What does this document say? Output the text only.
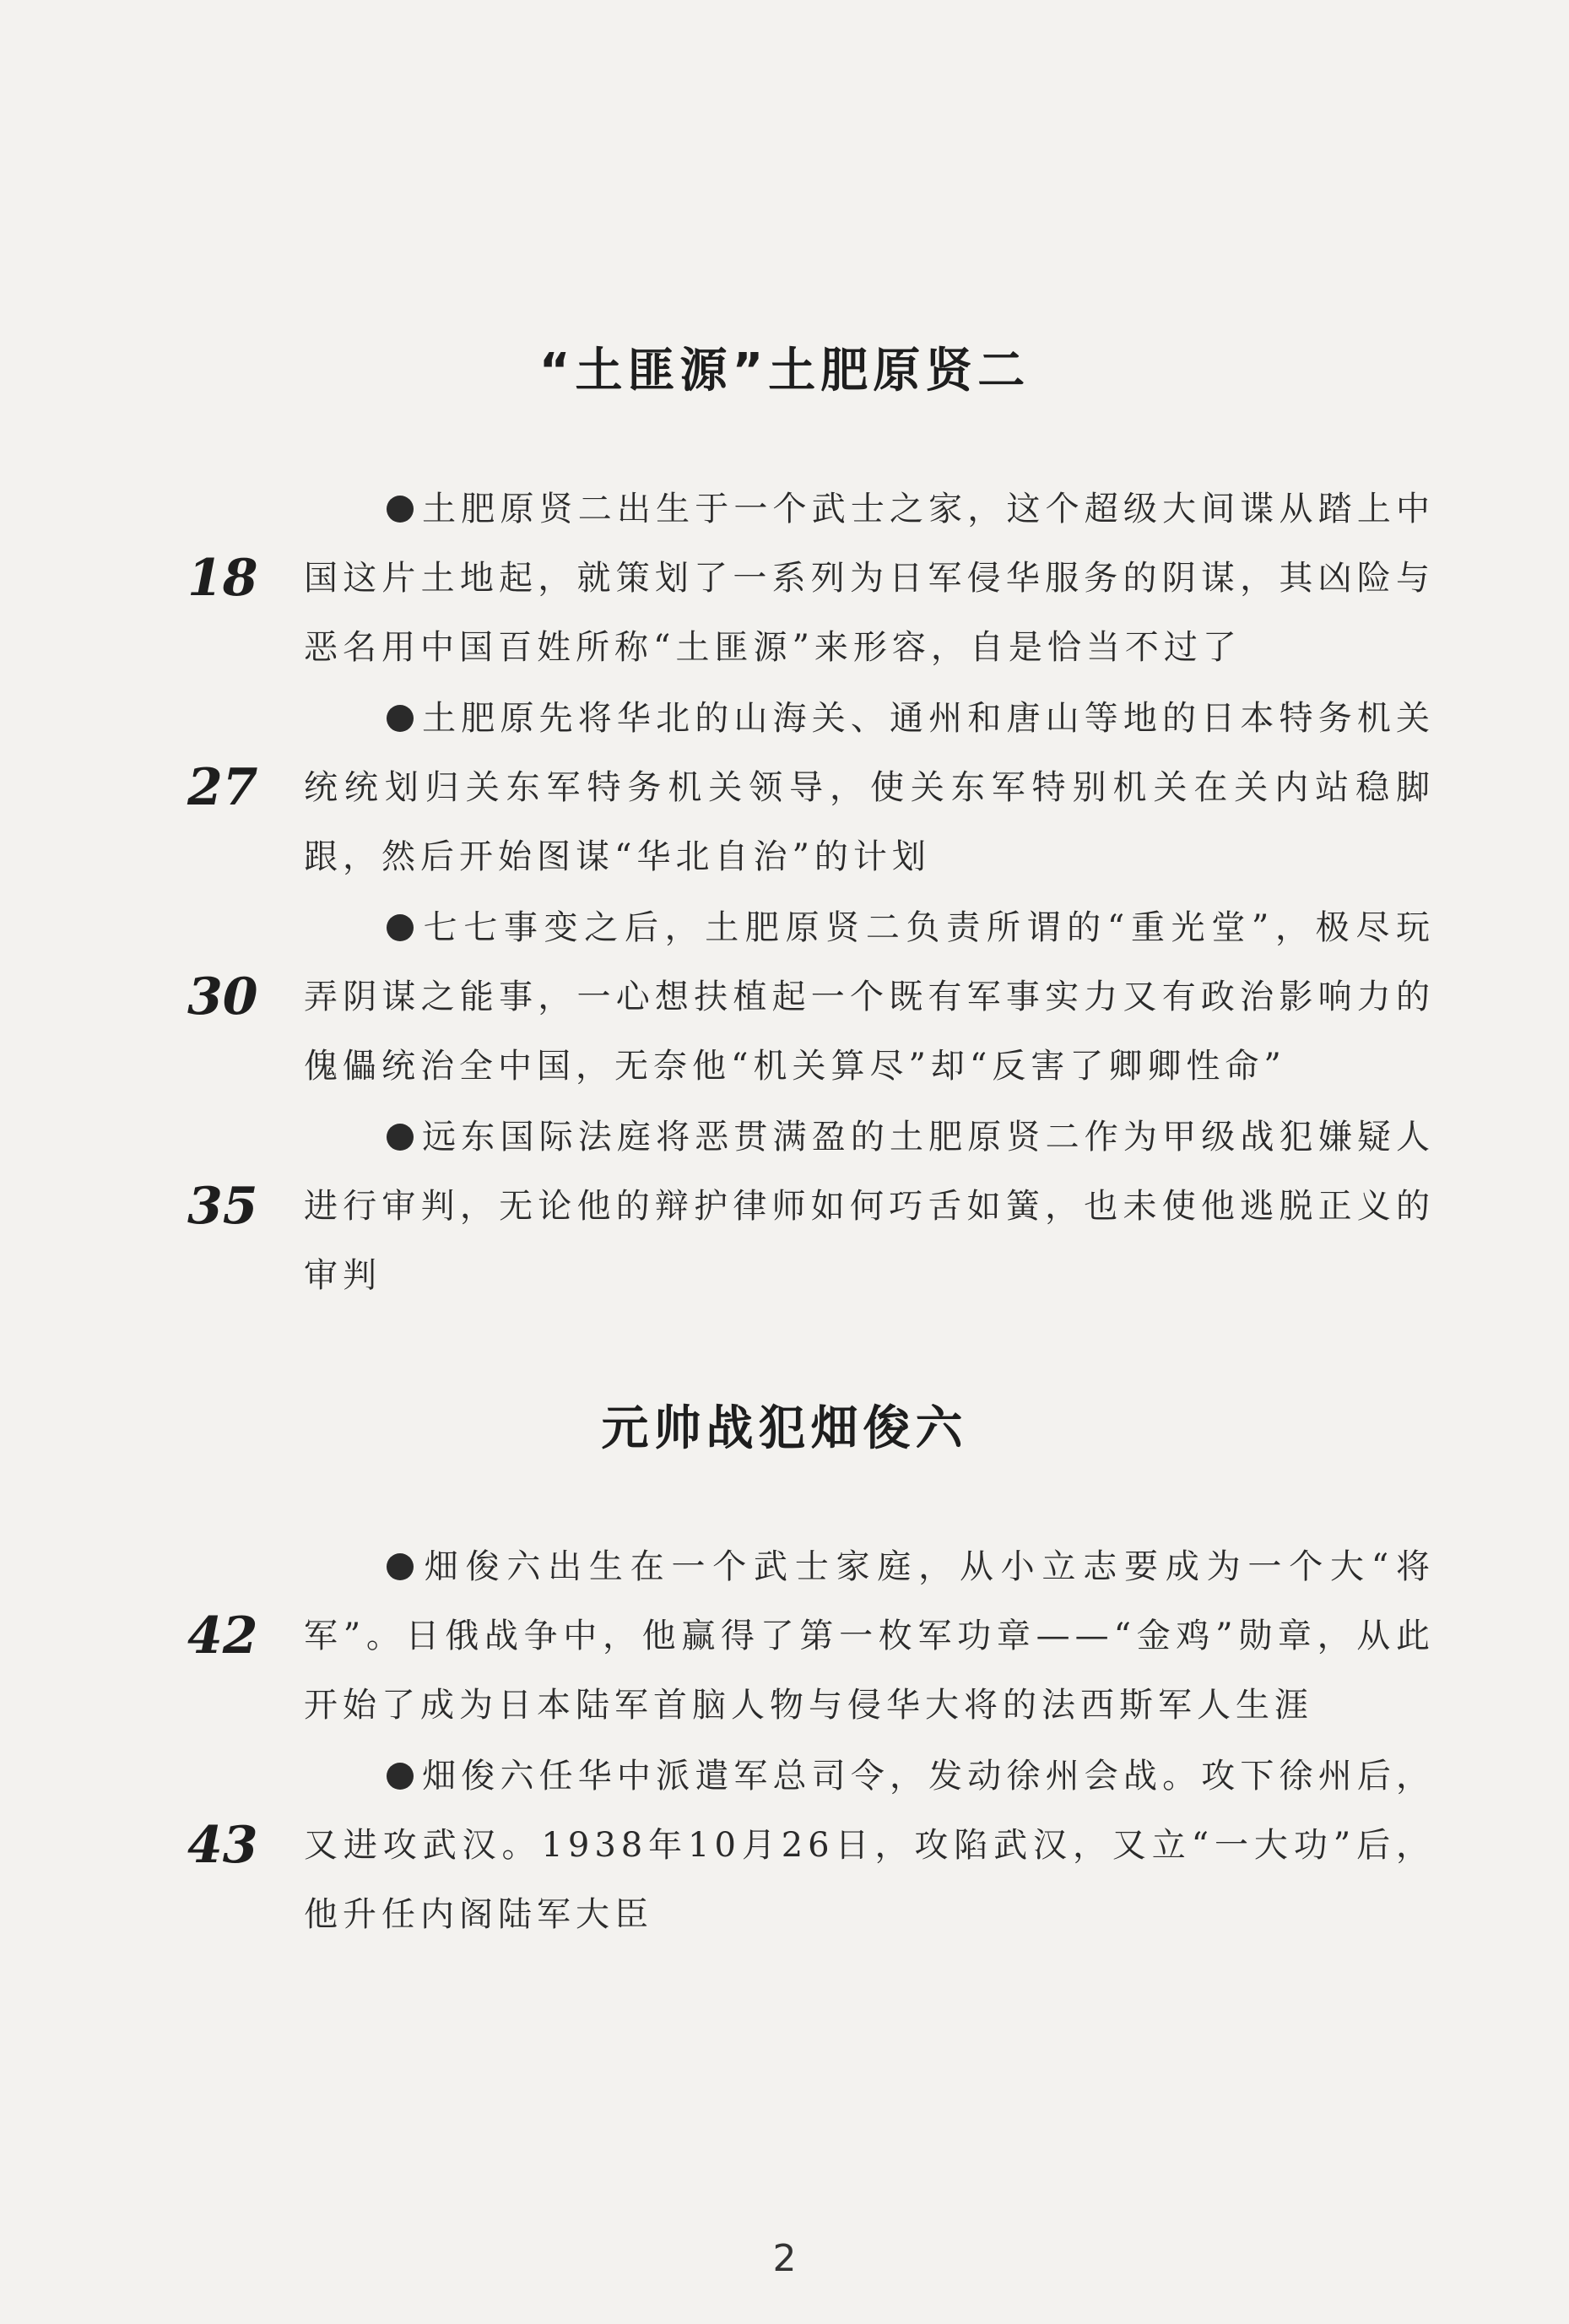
“土匪源”土肥原贤二
18

土肥原贤二出生于一个武士之家，这个超级大间谍从踏上中国这片土地起，就策划了一系列为日军侵华服务的阴谋，其凶险与恶名用中国百姓所称“土匪源”来形容，自是恰当不过了

27

土肥原先将华北的山海关、通州和唐山等地的日本特务机关统统划归关东军特务机关领导，使关东军特别机关在关内站稳脚跟，然后开始图谋“华北自治”的计划

30

七七事变之后，土肥原贤二负责所谓的“重光堂”，极尽玩弄阴谋之能事，一心想扶植起一个既有军事实力又有政治影响力的傀儡统治全中国，无奈他“机关算尽”却“反害了卿卿性命”

35

远东国际法庭将恶贯满盈的土肥原贤二作为甲级战犯嫌疑人进行审判，无论他的辩护律师如何巧舌如簧，也未使他逃脱正义的审判

元帅战犯畑俊六
42

畑俊六出生在一个武士家庭，从小立志要成为一个大“将军”。日俄战争中，他赢得了第一枚军功章——“金鸡”勋章，从此开始了成为日本陆军首脑人物与侵华大将的法西斯军人生涯

43

畑俊六任华中派遣军总司令，发动徐州会战。攻下徐州后，又进攻武汉。1938年10月26日，攻陷武汉，又立“一大功”后，他升任内阁陆军大臣

2
